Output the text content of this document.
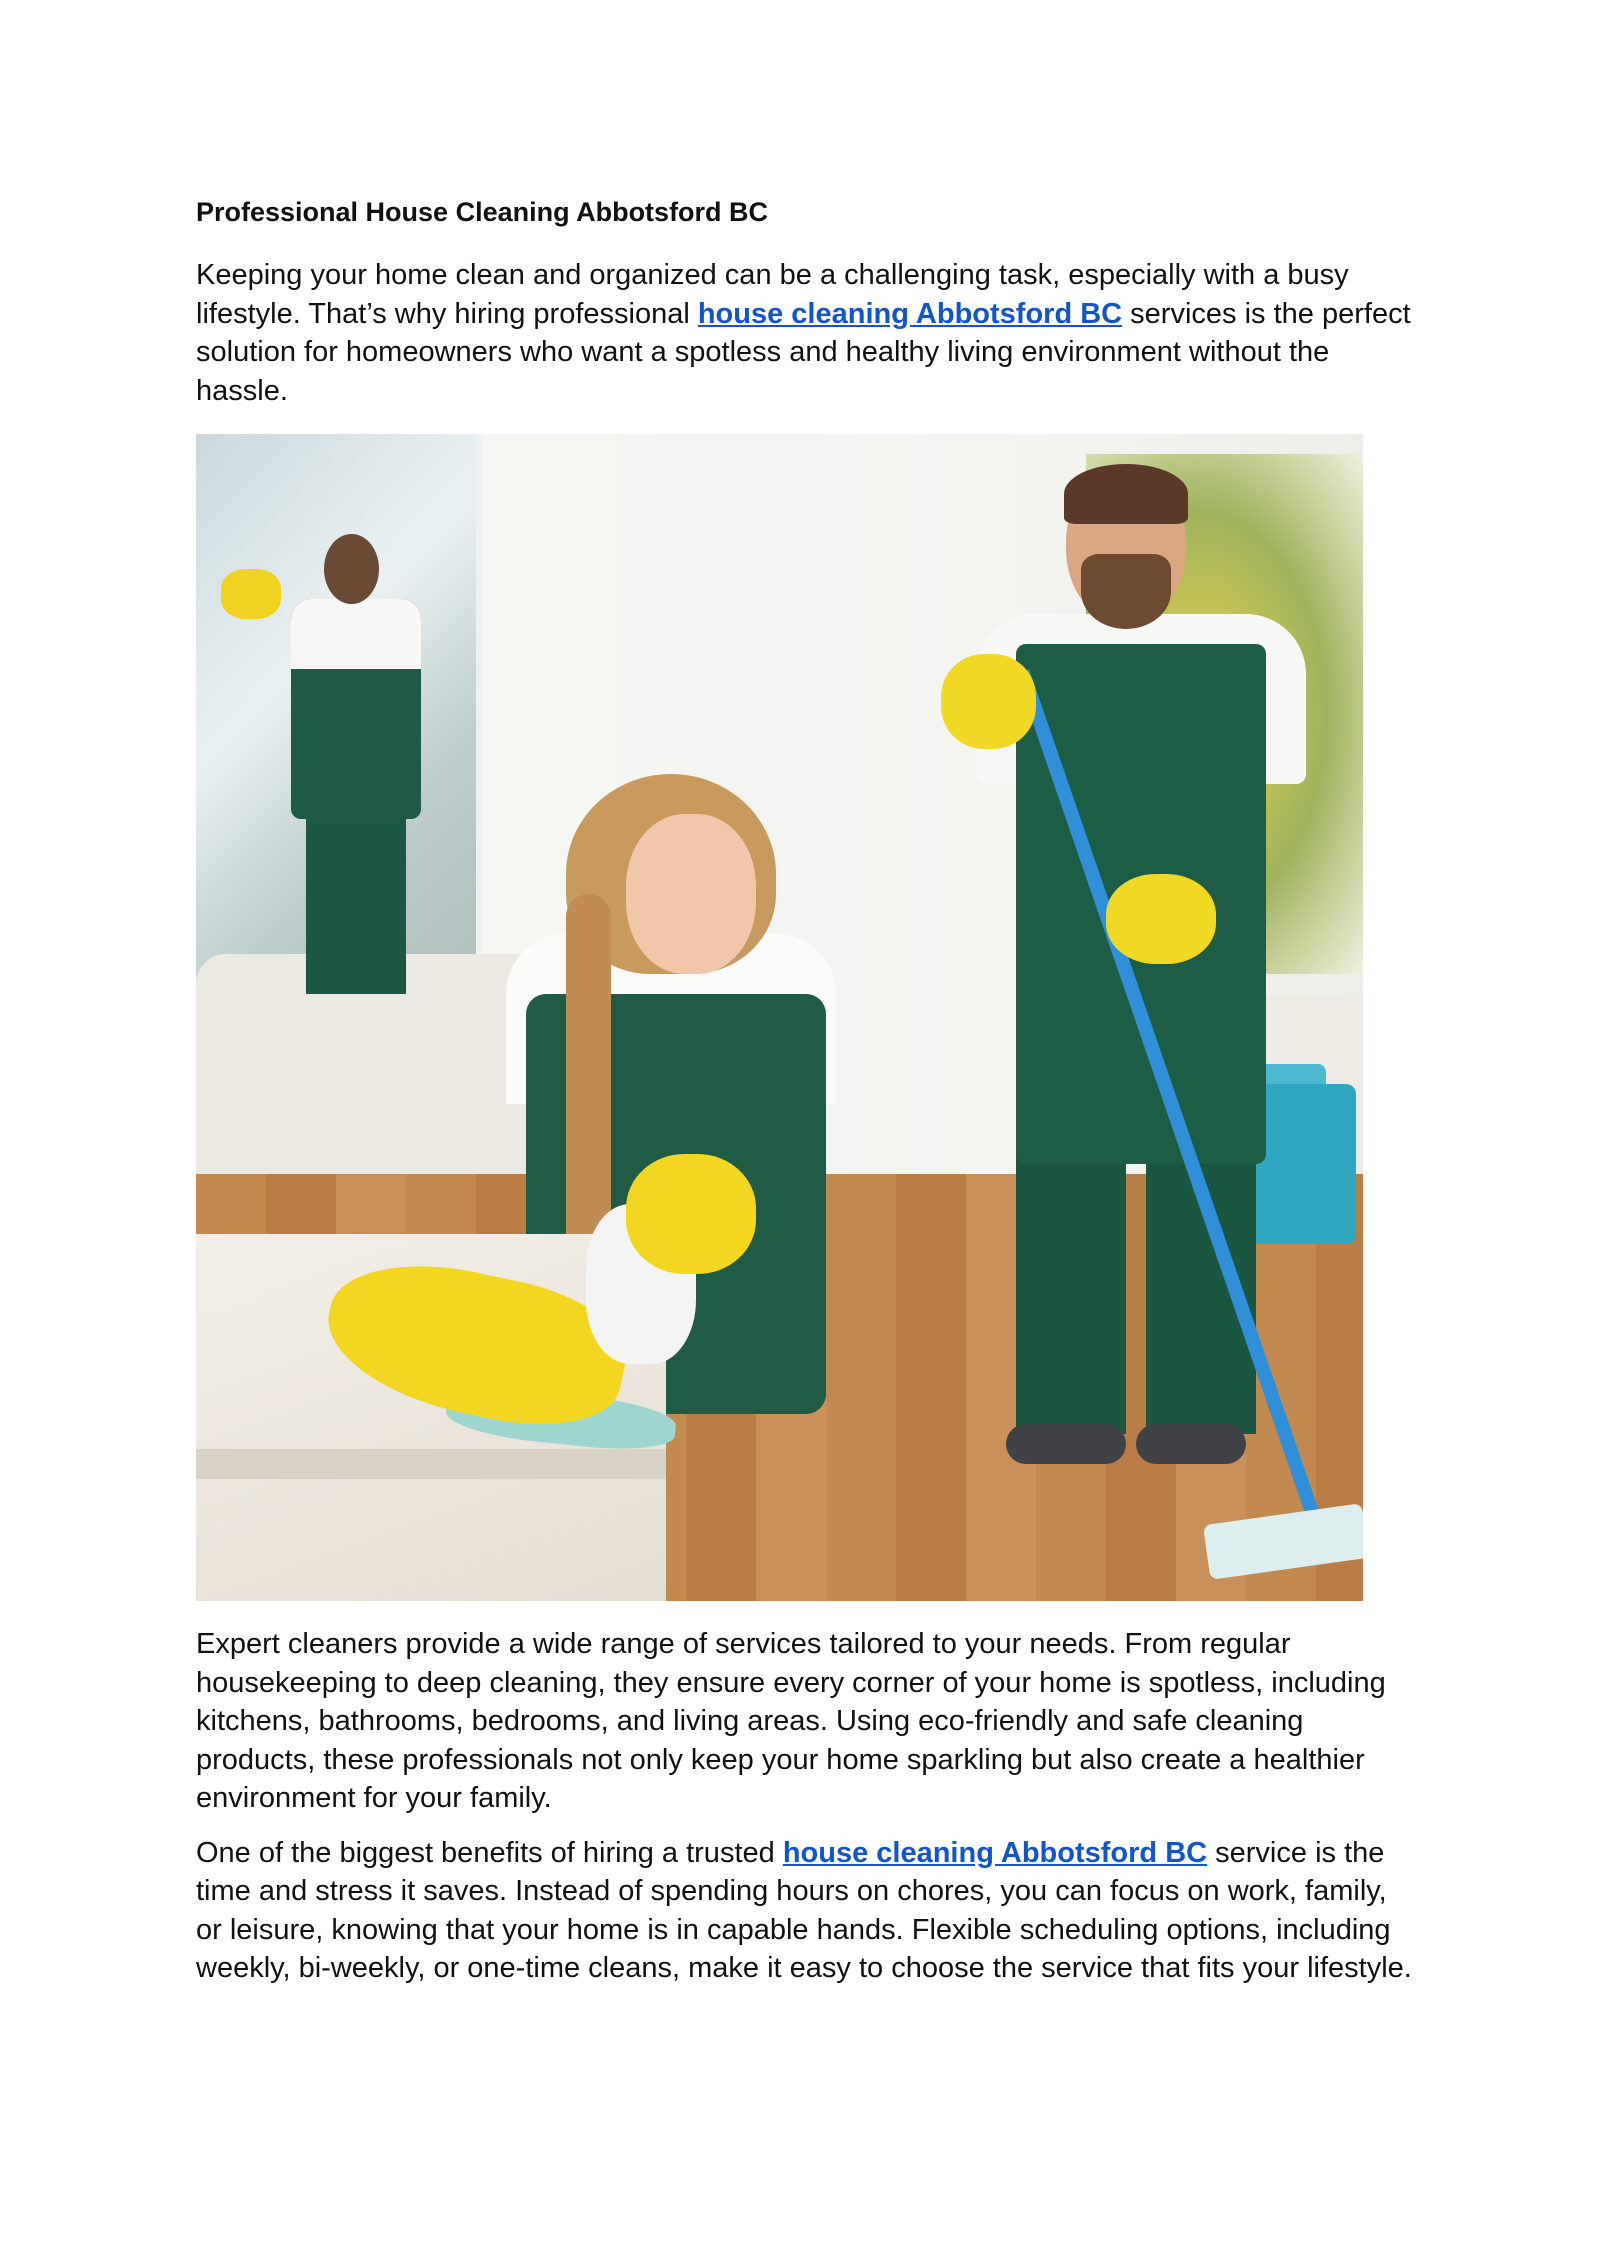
Professional House Cleaning Abbotsford BC

Keeping your home clean and organized can be a challenging task, especially with a busy lifestyle. That’s why hiring professional house cleaning Abbotsford BC services is the perfect solution for homeowners who want a spotless and healthy living environment without the hassle.

Expert cleaners provide a wide range of services tailored to your needs. From regular housekeeping to deep cleaning, they ensure every corner of your home is spotless, including kitchens, bathrooms, bedrooms, and living areas. Using eco-friendly and safe cleaning products, these professionals not only keep your home sparkling but also create a healthier environment for your family.

One of the biggest benefits of hiring a trusted house cleaning Abbotsford BC service is the time and stress it saves. Instead of spending hours on chores, you can focus on work, family, or leisure, knowing that your home is in capable hands. Flexible scheduling options, including weekly, bi-weekly, or one-time cleans, make it easy to choose the service that fits your lifestyle.
